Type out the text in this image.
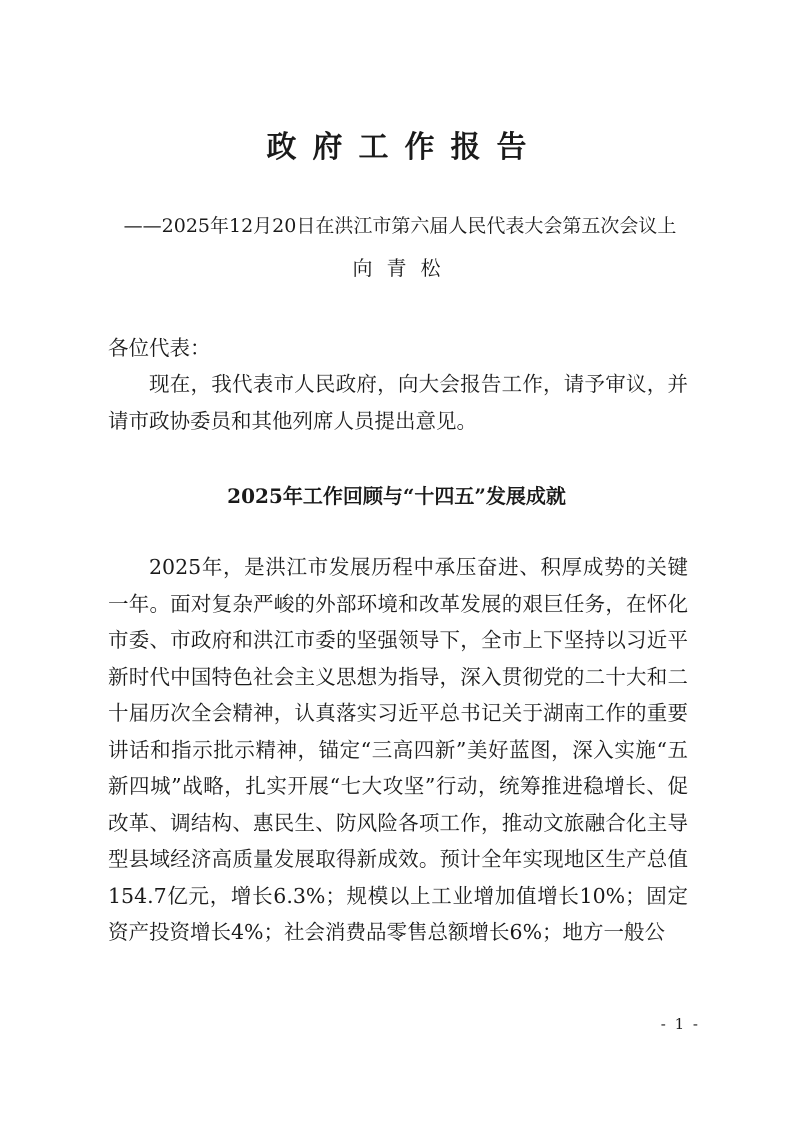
政府工作报告
——2025年12月20日在洪江市第六届人民代表大会第五次会议上
向青松
各位代表：
现在，我代表市人民政府，向大会报告工作，请予审议，并请市政协委员和其他列席人员提出意见。
2025年工作回顾与“十四五”发展成就
2025年，是洪江市发展历程中承压奋进、积厚成势的关键一年。面对复杂严峻的外部环境和改革发展的艰巨任务，在怀化市委、市政府和洪江市委的坚强领导下，全市上下坚持以习近平新时代中国特色社会主义思想为指导，深入贯彻党的二十大和二十届历次全会精神，认真落实习近平总书记关于湖南工作的重要讲话和指示批示精神，锚定“三高四新”美好蓝图，深入实施“五新四城”战略，扎实开展“七大攻坚”行动，统筹推进稳增长、促改革、调结构、惠民生、防风险各项工作，推动文旅融合化主导型县域经济高质量发展取得新成效。预计全年实现地区生产总值154.7亿元，增长6.3%；规模以上工业增加值增长10%；固定资产投资增长4%；社会消费品零售总额增长6%；地方一般公
- 1 -
